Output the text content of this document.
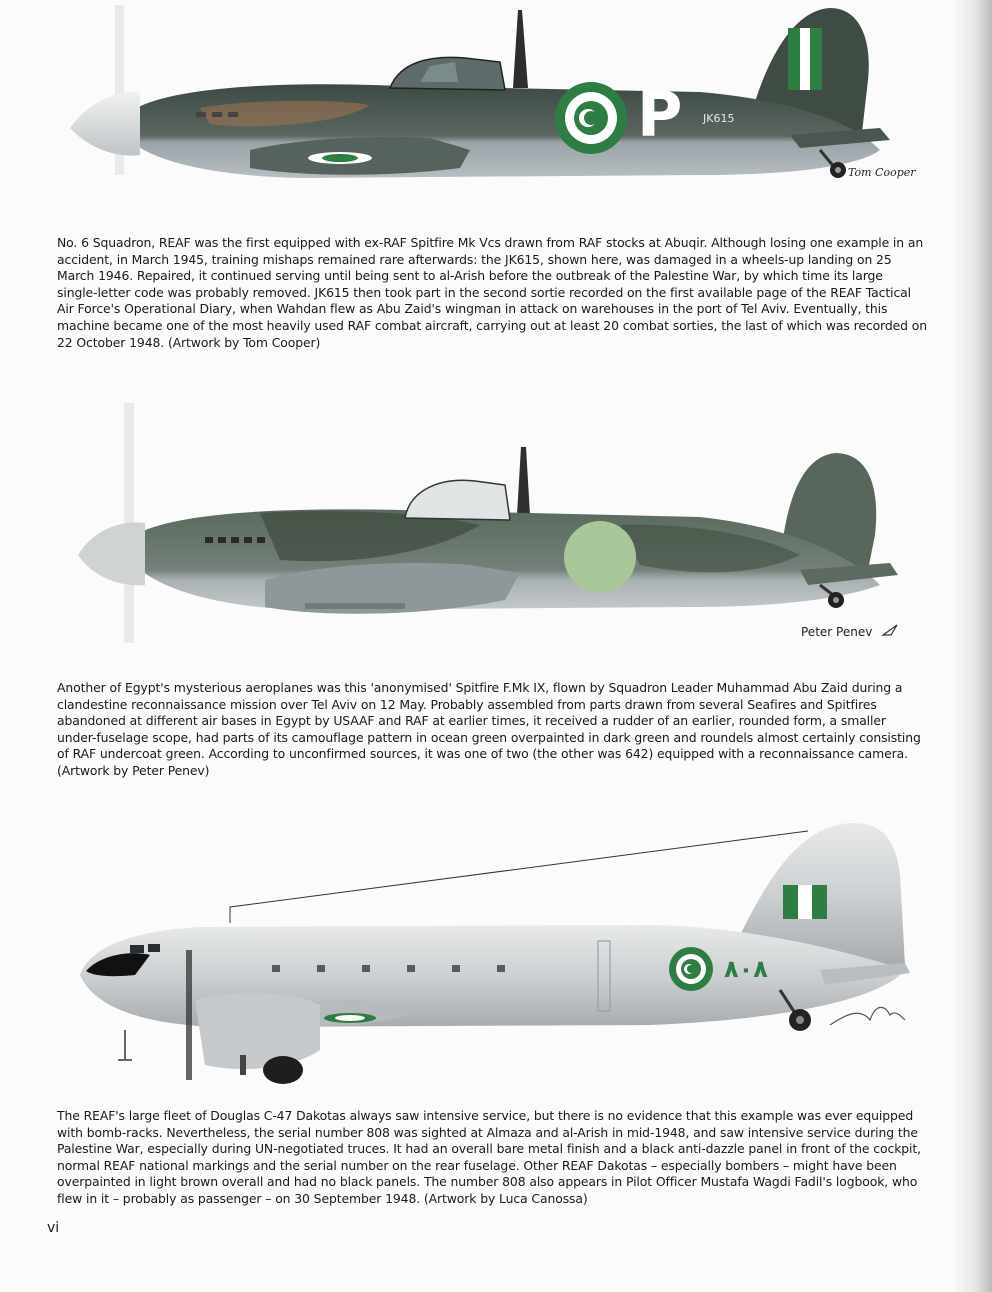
P JK615
Tom Cooper

No. 6 Squadron, REAF was the first equipped with ex-RAF Spitfire Mk Vcs drawn from RAF stocks at Abuqir. Although losing one example in an accident, in March 1945, training mishaps remained rare afterwards: the JK615, shown here, was damaged in a wheels-up landing on 25 March 1946. Repaired, it continued serving until being sent to al-Arish before the outbreak of the Palestine War, by which time its large single-letter code was probably removed. JK615 then took part in the second sortie recorded on the first available page of the REAF Tactical Air Force's Operational Diary, when Wahdan flew as Abu Zaid's wingman in attack on warehouses in the port of Tel Aviv. Eventually, this machine became one of the most heavily used RAF combat aircraft, carrying out at least 20 combat sorties, the last of which was recorded on 22 October 1948. (Artwork by Tom Cooper)

Peter Penev

Another of Egypt's mysterious aeroplanes was this 'anonymised' Spitfire F.Mk IX, flown by Squadron Leader Muhammad Abu Zaid during a clandestine reconnaissance mission over Tel Aviv on 12 May. Probably assembled from parts drawn from several Seafires and Spitfires abandoned at different air bases in Egypt by USAAF and RAF at earlier times, it received a rudder of an earlier, rounded form, a smaller under-fuselage scope, had parts of its camouflage pattern in ocean green overpainted in dark green and roundels almost certainly consisting of RAF undercoat green. According to unconfirmed sources, it was one of two (the other was 642) equipped with a reconnaissance camera. (Artwork by Peter Penev)

٨٠٨

The REAF's large fleet of Douglas C-47 Dakotas always saw intensive service, but there is no evidence that this example was ever equipped with bomb-racks. Nevertheless, the serial number 808 was sighted at Almaza and al-Arish in mid-1948, and saw intensive service during the Palestine War, especially during UN-negotiated truces. It had an overall bare metal finish and a black anti-dazzle panel in front of the cockpit, normal REAF national markings and the serial number on the rear fuselage. Other REAF Dakotas – especially bombers – might have been overpainted in light brown overall and had no black panels. The number 808 also appears in Pilot Officer Mustafa Wagdi Fadil's logbook, who flew in it – probably as passenger – on 30 September 1948. (Artwork by Luca Canossa)

vi
